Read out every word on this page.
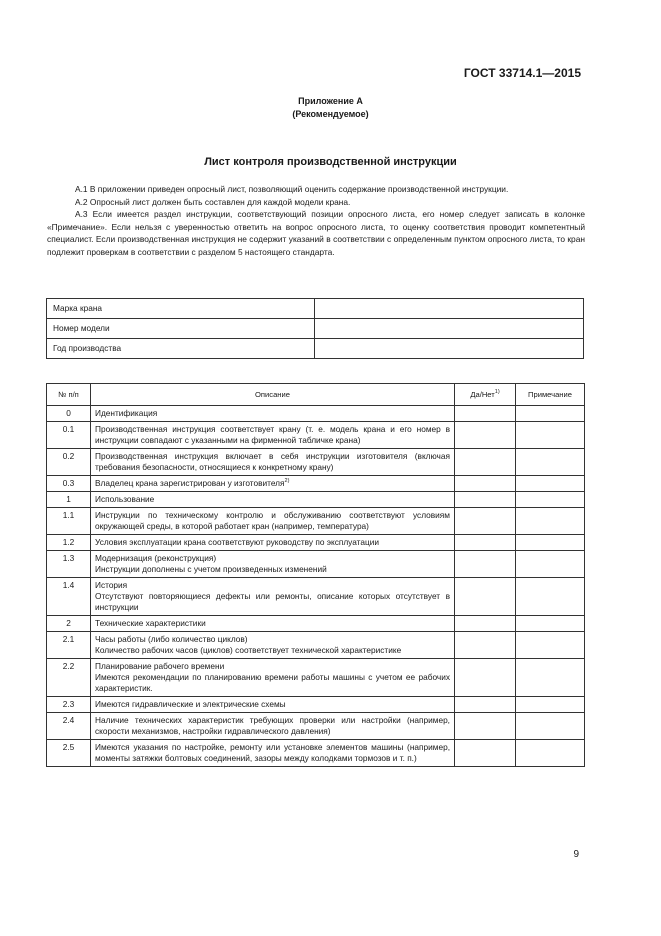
ГОСТ 33714.1—2015
Приложение А
(Рекомендуемое)
Лист контроля производственной инструкции

А.1 В приложении приведен опросный лист, позволяющий оценить содержание производственной инструкции.

А.2 Опросный лист должен быть составлен для каждой модели крана.

А.3 Если имеется раздел инструкции, соответствующий позиции опросного листа, его номер следует записать в колонке «Примечание». Если нельзя с уверенностью ответить на вопрос опросного листа, то оценку соответствия проводит компетентный специалист. Если производственная инструкция не содержит указаний в соответствии с определенным пунктом опросного листа, то кран подлежит проверкам в соответствии с разделом 5 настоящего стандарта.

Марка крана	
Номер модели	
Год производства	
№ п/п	Описание	Да/Нет$^{1)}$	Примечание
0	Идентификация		
0.1	Производственная инструкция соответствует крану (т. е. модель крана и его номер в инструкции совпадают с указанными на фирменной табличке крана)		
0.2	Производственная инструкция включает в себя инструкции изготовителя (включая требования безопасности, относящиеся к конкретному крану)		
0.3	Владелец крана зарегистрирован у изготовителя$^{2)}$		
1	Использование		
1.1	Инструкции по техническому контролю и обслуживанию соответствуют условиям окружающей среды, в которой работает кран (например, температура)		
1.2	Условия эксплуатации крана соответствуют руководству по эксплуатации		
1.3	Модернизация (реконструкция)
Инструкции дополнены с учетом произведенных изменений		
1.4	История
Отсутствуют повторяющиеся дефекты или ремонты, описание которых отсутствует в инструкции		
2	Технические характеристики		
2.1	Часы работы (либо количество циклов)
Количество рабочих часов (циклов) соответствует технической характеристике		
2.2	Планирование рабочего времени
Имеются рекомендации по планированию времени работы машины с учетом ее рабочих характеристик.		
2.3	Имеются гидравлические и электрические схемы		
2.4	Наличие технических характеристик требующих проверки или настройки (например, скорости механизмов, настройки гидравлического давления)		
2.5	Имеются указания по настройке, ремонту или установке элементов машины (например, моменты затяжки болтовых соединений, зазоры между колодками тормозов и т. п.)		
9
